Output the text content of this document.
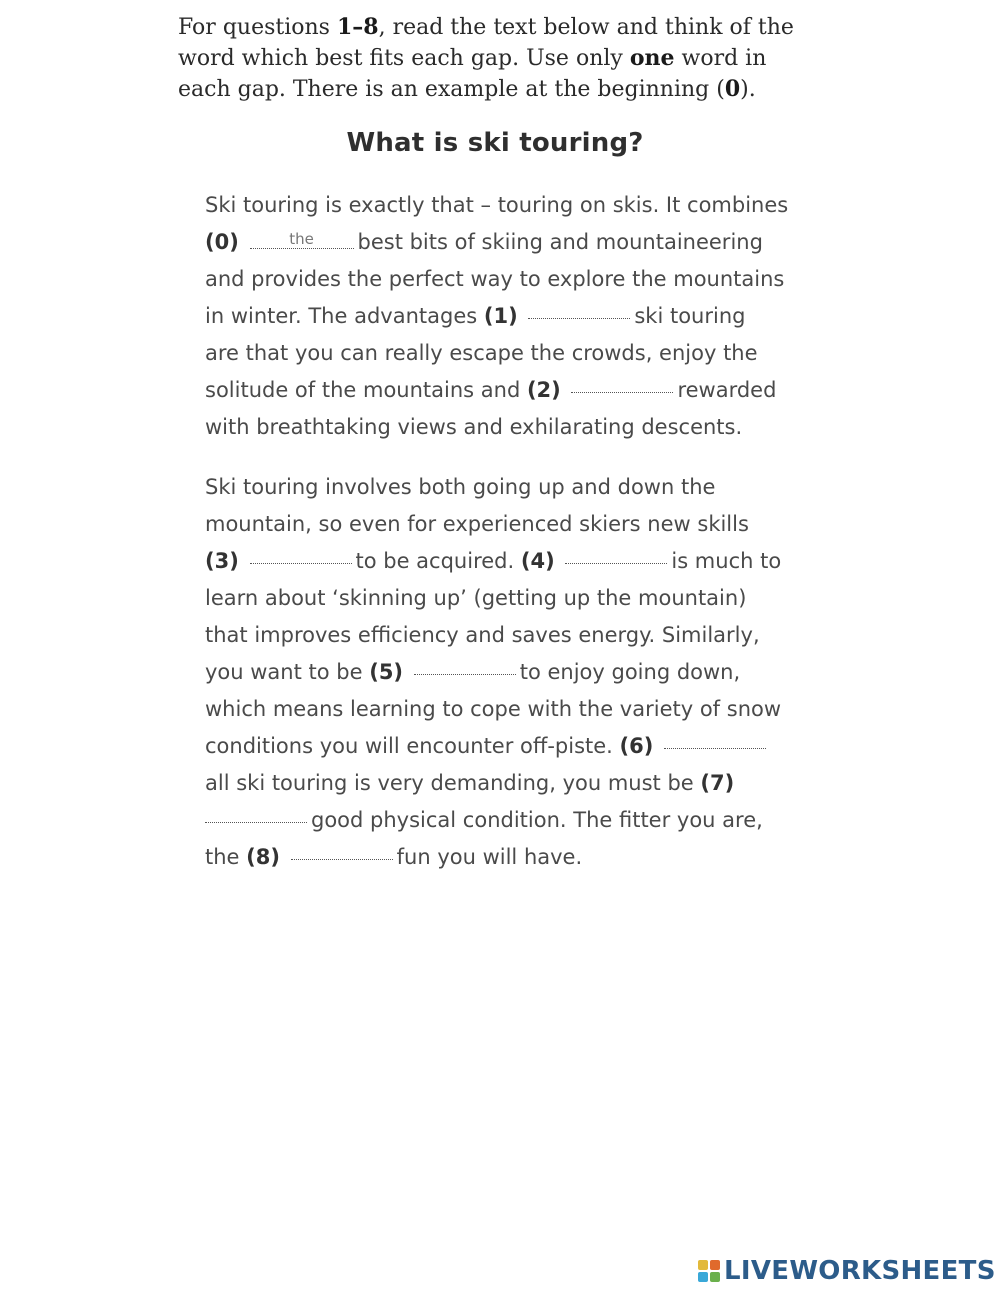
For questions 1–8, read the text below and think of the
word which best fits each gap. Use only one word in
each gap. There is an example at the beginning (0).
What is ski touring?
Ski touring is exactly that – touring on skis. It combines
(0)	the	best bits of skiing and mountaineering
and provides the perfect way to explore the mountains
in winter. The advantages (1)	ski touring
are that you can really escape the crowds, enjoy the
solitude of the mountains and (2)	rewarded
with breathtaking views and exhilarating descents.
Ski touring involves both going up and down the
mountain, so even for experienced skiers new skills
(3)	to be acquired. (4)	is much to
learn about ‘skinning up’ (getting up the mountain)
that improves efficiency and saves energy. Similarly,
you want to be (5)	to enjoy going down,
which means learning to cope with the variety of snow
conditions you will encounter off-piste. (6)
all ski touring is very demanding, you must be (7)
good physical condition. The fitter you are,
the (8)	fun you will have.
LIVEWORKSHEETS
